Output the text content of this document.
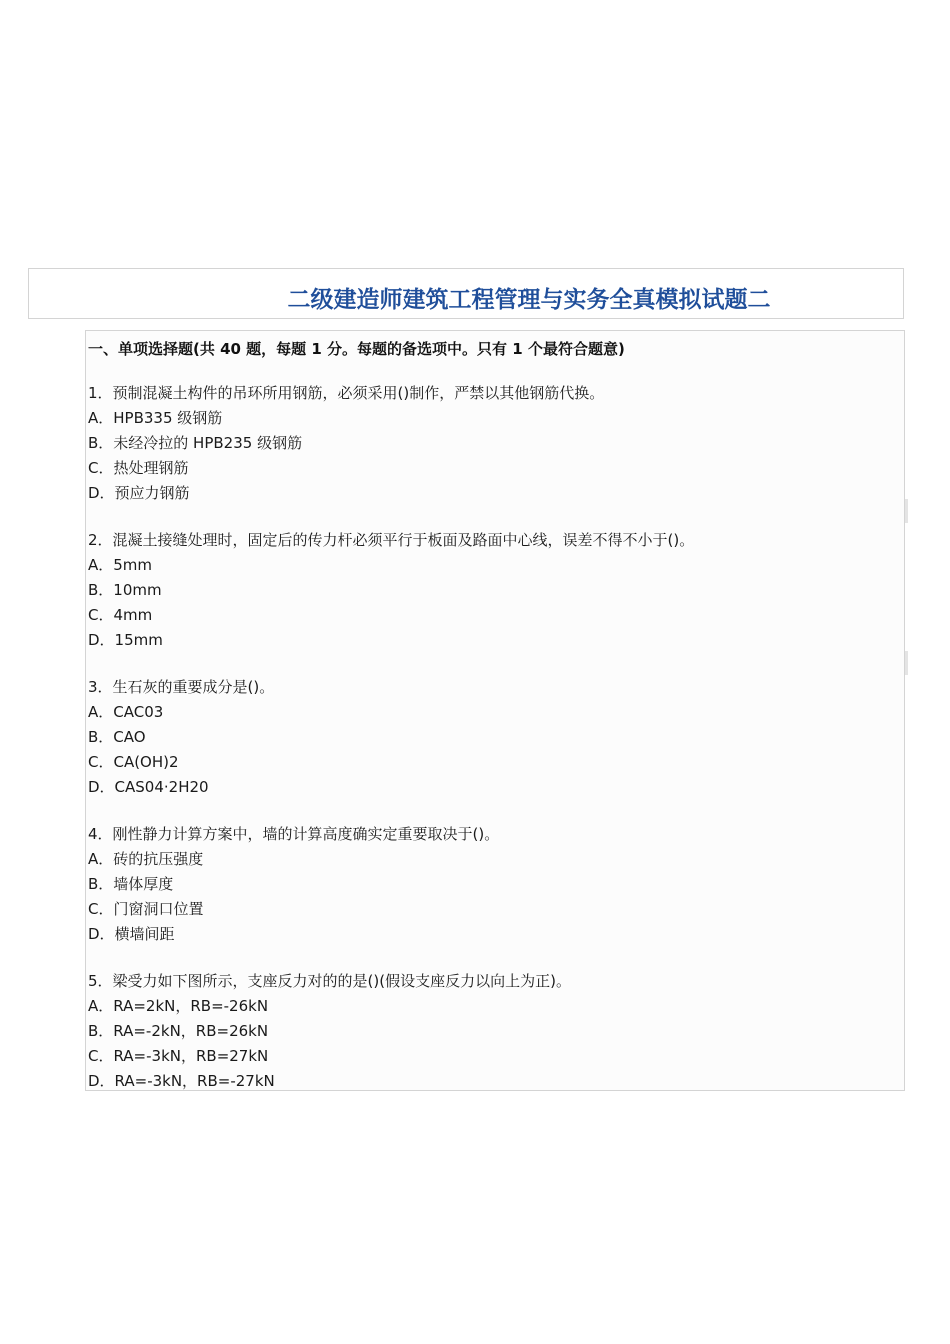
二级建造师建筑工程管理与实务全真模拟试题二
一、单项选择题(共 40 题，每题 1 分。每题的备选项中。只有 1 个最符合题意)
1．预制混凝土构件的吊环所用钢筋，必须采用()制作，严禁以其他钢筋代换。
A．HPB335 级钢筋
B．未经冷拉的 HPB235 级钢筋
C．热处理钢筋
D．预应力钢筋
2．混凝土接缝处理时，固定后的传力杆必须平行于板面及路面中心线，误差不得不小于()。
A．5mm
B．10mm
C．4mm
D．15mm
3．生石灰的重要成分是()。
A．CAC03
B．CAO
C．CA(OH)2
D．CAS04·2H20
4．刚性静力计算方案中，墙的计算高度确实定重要取决于()。
A．砖的抗压强度
B．墙体厚度
C．门窗洞口位置
D．横墙间距
5．梁受力如下图所示，支座反力对的的是()(假设支座反力以向上为正)。
A．RA=2kN，RB=-26kN
B．RA=-2kN，RB=26kN
C．RA=-3kN，RB=27kN
D．RA=-3kN，RB=-27kN
